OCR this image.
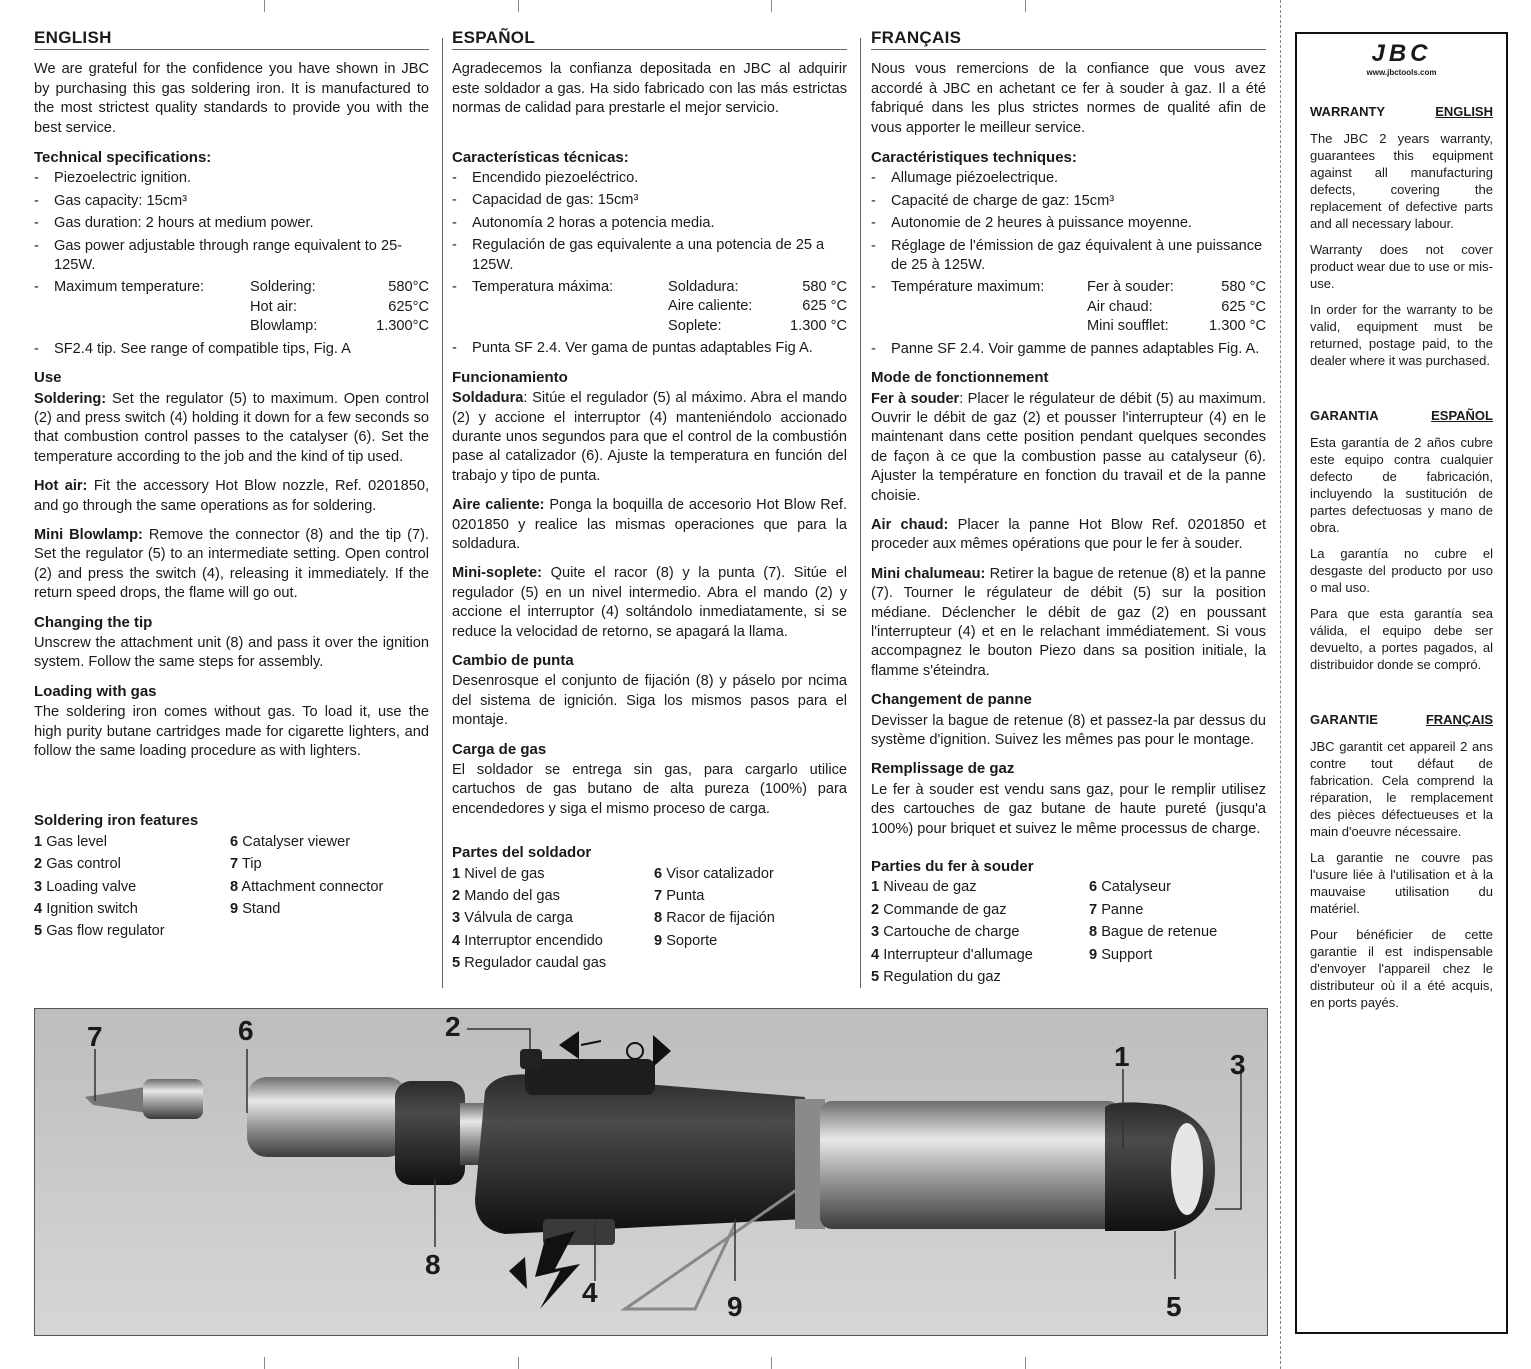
ENGLISH

We are grateful for the confidence you have shown in JBC by purchasing this gas soldering iron. It is manufactured to the most strictest quality standards to provide you with the best service.

Technical specifications:
- Piezoelectric ignition.
- Gas capacity: 15cm³
- Gas duration: 2 hours at medium power.
- Gas power adjustable through range equivalent to 25-125W.
- Maximum temperature:	Soldering:	580°C
Hot air:	625°C
Blowlamp:	1.300°C
- SF2.4 tip. See range of compatible tips, Fig. A
Use

Soldering: Set the regulator (5) to maximum. Open control (2) and press switch (4) holding it down for a few seconds so that combustion control passes to the catalyser (6). Set the temperature according to the job and the kind of tip used.

Hot air: Fit the accessory Hot Blow nozzle, Ref. 0201850, and go through the same operations as for soldering.

Mini Blowlamp: Remove the connector (8) and the tip (7). Set the regulator (5) to an intermediate setting. Open control (2) and press the switch (4), releasing it immediately. If the return speed drops, the flame will go out.

Changing the tip

Unscrew the attachment unit (8) and pass it over the ignition system. Follow the same steps for assembly.

Loading with gas

The soldering iron comes without gas. To load it, use the high purity butane cartridges made for cigarette lighters, and follow the same loading procedure as with lighters.

Soldering iron features
1 Gas level	6 Catalyser viewer
2 Gas control	7 Tip
3 Loading valve	8 Attachment connector
4 Ignition switch	9 Stand
5 Gas flow regulator
ESPAÑOL

Agradecemos la confianza depositada en JBC al adquirir este soldador a gas. Ha sido fabricado con las más estrictas normas de calidad para prestarle el mejor servicio.

Características técnicas:
- Encendido piezoeléctrico.
- Capacidad de gas: 15cm³
- Autonomía 2 horas a potencia media.
- Regulación de gas equivalente a una potencia de 25 a 125W.
- Temperatura máxima:	Soldadura:	580 °C
Aire caliente:	625 °C
Soplete:	1.300 °C
- Punta SF 2.4. Ver gama de puntas adaptables Fig A.
Funcionamiento

Soldadura: Sitúe el regulador (5) al máximo. Abra el mando (2) y accione el interruptor (4) manteniéndolo accionado durante unos segundos para que el control de la combustión pase al catalizador (6). Ajuste la temperatura en función del trabajo y tipo de punta.

Aire caliente: Ponga la boquilla de accesorio Hot Blow Ref. 0201850 y realice las mismas operaciones que para la soldadura.

Mini-soplete: Quite el racor (8) y la punta (7). Sitúe el regulador (5) en un nivel intermedio. Abra el mando (2) y accione el interruptor (4) soltándolo inmediatamente, si se reduce la velocidad de retorno, se apagará la llama.

Cambio de punta

Desenrosque el conjunto de fijación (8) y páselo por ncima del sistema de ignición. Siga los mismos pasos para el montaje.

Carga de gas

El soldador se entrega sin gas, para cargarlo utilice cartuchos de gas butano de alta pureza (100%) para encendedores y siga el mismo proceso de carga.

Partes del soldador
1 Nivel de gas	6 Visor catalizador
2 Mando del gas	7 Punta
3 Válvula de carga	8 Racor de fijación
4 Interruptor encendido	9 Soporte
5 Regulador caudal gas
FRANÇAIS

Nous vous remercions de la confiance que vous avez accordé à JBC en achetant ce fer à souder à gaz. Il a été fabriqué dans les plus strictes normes de qualité afin de vous apporter le meilleur service.

Caractéristiques techniques:
- Allumage piézoelectrique.
- Capacité de charge de gaz: 15cm³
- Autonomie de 2 heures à puissance moyenne.
- Réglage de l'émission de gaz équivalent à une puissance de 25 à 125W.
- Température maximum:	Fer à souder:	580 °C
Air chaud:	625 °C
Mini soufflet:	1.300 °C
- Panne SF 2.4. Voir gamme de pannes adaptables Fig. A.
Mode de fonctionnement

Fer à souder: Placer le régulateur de débit (5) au maximum. Ouvrir le débit de gaz (2) et pousser l'interrupteur (4) en le maintenant dans cette position pendant quelques secondes de façon à ce que la combustion passe au catalyseur (6). Ajuster la température en fonction du travail et de la panne choisie.

Air chaud: Placer la panne Hot Blow Ref. 0201850 et proceder aux mêmes opérations que pour le fer à souder.

Mini chalumeau: Retirer la bague de retenue (8) et la panne (7). Tourner le régulateur de débit (5) sur la position médiane. Déclencher le débit de gaz (2) en poussant l'interrupteur (4) et en le relachant immédiatement. Si vous accompagnez le bouton Piezo dans sa position initiale, la flamme s'éteindra.

Changement de panne

Devisser la bague de retenue (8) et passez-la par dessus du système d'ignition. Suivez les mêmes pas pour le montage.

Remplissage de gaz

Le fer à souder est vendu sans gaz, pour le remplir utilisez des cartouches de gaz butane de haute pureté (jusqu'a 100%) pour briquet et suivez le même processus de charge.

Parties du fer à souder
1 Niveau de gaz	6 Catalyseur
2 Commande de gaz	7 Panne
3 Cartouche de charge	8 Bague de retenue
4 Interrupteur d'allumage	9 Support
5 Regulation du gaz
JBC
www.jbctools.com
WARRANTY	ENGLISH

The JBC 2 years warranty, guarantees this equipment against all manufacturing defects, covering the replacement of defective parts and all necessary labour.

Warranty does not cover product wear due to use or mis-use.

In order for the warranty to be valid, equipment must be returned, postage paid, to the dealer where it was purchased.

GARANTIA	ESPAÑOL

Esta garantía de 2 años cubre este equipo contra cualquier defecto de fabricación, incluyendo la sustitución de partes defectuosas y mano de obra.

La garantía no cubre el desgaste del producto por uso o mal uso.

Para que esta garantía sea válida, el equipo debe ser devuelto, a portes pagados, al distribuidor donde se compró.

GARANTIE	FRANÇAIS

JBC garantit cet appareil 2 ans contre tout défaut de fabrication. Cela comprend la réparation, le remplacement des pièces défectueuses et la main d'oeuvre nécessaire.

La garantie ne couvre pas l'usure liée à l'utilisation et à la mauvaise utilisation du matériel.

Pour bénéficier de cette garantie il est indispensable d'envoyer l'appareil chez le distributeur où il a été acquis, en ports payés.

7	6	2
1	3
8
4	9	5
